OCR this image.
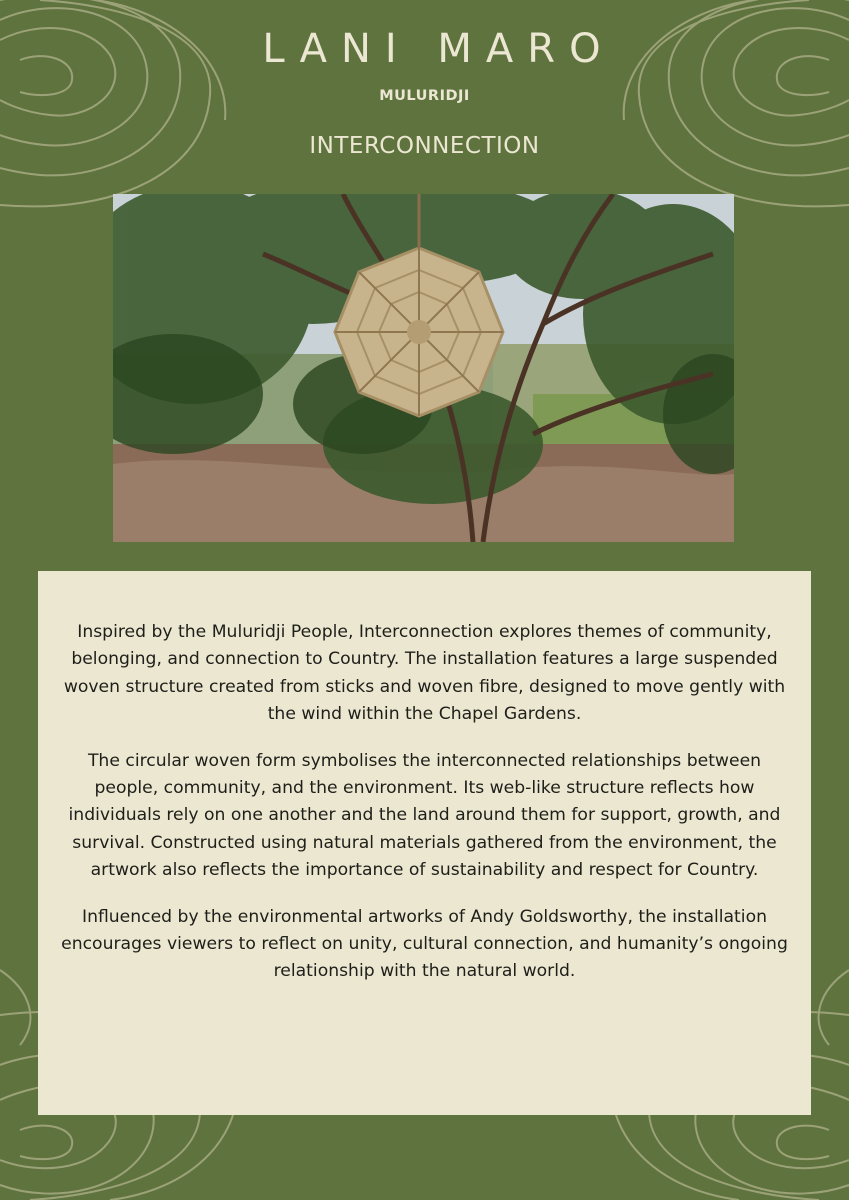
LANI MARO
MULURIDJI
INTERCONNECTION

Inspired by the Muluridji People, Interconnection explores themes of community, belonging, and connection to Country. The installation features a large suspended woven structure created from sticks and woven fibre, designed to move gently with the wind within the Chapel Gardens.

The circular woven form symbolises the interconnected relationships between people, community, and the environment. Its web-like structure reflects how individuals rely on one another and the land around them for support, growth, and survival. Constructed using natural materials gathered from the environment, the artwork also reflects the importance of sustainability and respect for Country.

Influenced by the environmental artworks of Andy Goldsworthy, the installation encourages viewers to reflect on unity, cultural connection, and humanity’s ongoing relationship with the natural world.
